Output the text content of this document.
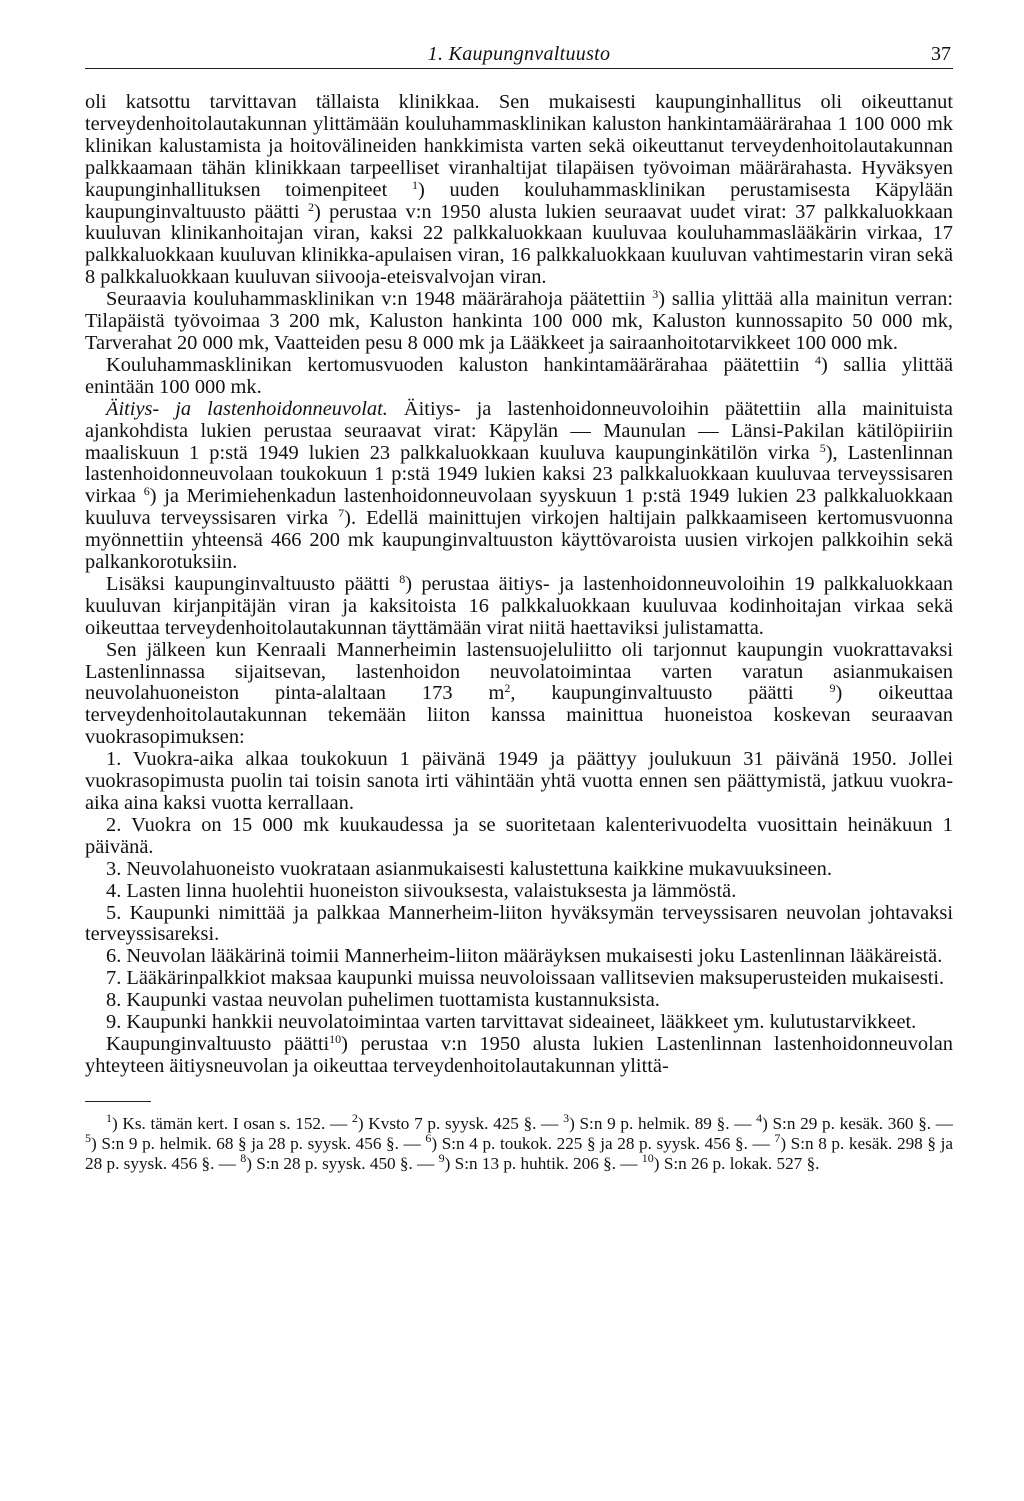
1. Kaupungnvaltuusto	37

oli katsottu tarvittavan tällaista klinikkaa. Sen mukaisesti kaupunginhallitus oli oikeuttanut terveydenhoitolautakunnan ylittämään kouluhammasklinikan kaluston hankintamäärärahaa 1 100 000 mk klinikan kalustamista ja hoitovälineiden hankkimista varten sekä oikeuttanut terveydenhoitolautakunnan palkkaamaan tähän klinikkaan tarpeelliset viranhaltijat tilapäisen työvoiman määrärahasta. Hyväksyen kaupunginhallituksen toimenpiteet $^1$) uuden kouluhammasklinikan perustamisesta Käpylään kaupunginvaltuusto päätti $^2$) perustaa v:n 1950 alusta lukien seuraavat uudet virat: 37 palkkaluokkaan kuuluvan klinikanhoitajan viran, kaksi 22 palkkaluokkaan kuuluvaa kouluhammaslääkärin virkaa, 17 palkkaluokkaan kuuluvan klinikka-apulaisen viran, 16 palkkaluokkaan kuuluvan vahtimestarin viran sekä 8 palkkaluokkaan kuuluvan siivooja-eteisvalvojan viran.

Seuraavia kouluhammasklinikan v:n 1948 määrärahoja päätettiin $^3$) sallia ylittää alla mainitun verran: Tilapäistä työvoimaa 3 200 mk, Kaluston hankinta 100 000 mk, Kaluston kunnossapito 50 000 mk, Tarverahat 20 000 mk, Vaatteiden pesu 8 000 mk ja Lääkkeet ja sairaanhoitotarvikkeet 100 000 mk.

Kouluhammasklinikan kertomusvuoden kaluston hankintamäärärahaa päätettiin $^4$) sallia ylittää enintään 100 000 mk.

Äitiys- ja lastenhoidonneuvolat. Äitiys- ja lastenhoidonneuvoloihin päätettiin alla mainituista ajankohdista lukien perustaa seuraavat virat: Käpylän — Maunulan — Länsi-Pakilan kätilöpiiriin maaliskuun 1 p:stä 1949 lukien 23 palkkaluokkaan kuuluva kaupunginkätilön virka $^5$), Lastenlinnan lastenhoidonneuvolaan toukokuun 1 p:stä 1949 lukien kaksi 23 palkkaluokkaan kuuluvaa terveyssisaren virkaa $^6$) ja Merimiehenkadun lastenhoidonneuvolaan syyskuun 1 p:stä 1949 lukien 23 palkkaluokkaan kuuluva terveyssisaren virka $^7$). Edellä mainittujen virkojen haltijain palkkaamiseen kertomusvuonna myönnettiin yhteensä 466 200 mk kaupunginvaltuuston käyttövaroista uusien virkojen palkkoihin sekä palkankorotuksiin.

Lisäksi kaupunginvaltuusto päätti $^8$) perustaa äitiys- ja lastenhoidonneuvoloihin 19 palkkaluokkaan kuuluvan kirjanpitäjän viran ja kaksitoista 16 palkkaluokkaan kuuluvaa kodinhoitajan virkaa sekä oikeuttaa terveydenhoitolautakunnan täyttämään virat niitä haettaviksi julistamatta.

Sen jälkeen kun Kenraali Mannerheimin lastensuojeluliitto oli tarjonnut kaupungin vuokrattavaksi Lastenlinnassa sijaitsevan, lastenhoidon neuvolatoimintaa varten varatun asianmukaisen neuvolahuoneiston pinta-alaltaan 173 $m^2$, kaupunginvaltuusto päätti $^9$) oikeuttaa terveydenhoitolautakunnan tekemään liiton kanssa mainittua huoneistoa koskevan seuraavan vuokrasopimuksen:

1. Vuokra-aika alkaa toukokuun 1 päivänä 1949 ja päättyy joulukuun 31 päivänä 1950. Jollei vuokrasopimusta puolin tai toisin sanota irti vähintään yhtä vuotta ennen sen päättymistä, jatkuu vuokra-aika aina kaksi vuotta kerrallaan.

2. Vuokra on 15 000 mk kuukaudessa ja se suoritetaan kalenterivuodelta vuosittain heinäkuun 1 päivänä.

3. Neuvolahuoneisto vuokrataan asianmukaisesti kalustettuna kaikkine mukavuuksineen.

4. Lasten linna huolehtii huoneiston siivouksesta, valaistuksesta ja lämmöstä.

5. Kaupunki nimittää ja palkkaa Mannerheim-liiton hyväksymän terveyssisaren neuvolan johtavaksi terveyssisareksi.

6. Neuvolan lääkärinä toimii Mannerheim-liiton määräyksen mukaisesti joku Lastenlinnan lääkäreistä.

7. Lääkärinpalkkiot maksaa kaupunki muissa neuvoloissaan vallitsevien maksuperusteiden mukaisesti.

8. Kaupunki vastaa neuvolan puhelimen tuottamista kustannuksista.

9. Kaupunki hankkii neuvolatoimintaa varten tarvittavat sideaineet, lääkkeet ym. kulutustarvikkeet.

Kaupunginvaltuusto päätti$^{10}$) perustaa v:n 1950 alusta lukien Lastenlinnan lastenhoidonneuvolan yhteyteen äitiysneuvolan ja oikeuttaa terveydenhoitolautakunnan ylittä-

$^1$) Ks. tämän kert. I osan s. 152. — $^2$) Kvsto 7 p. syysk. 425 §. — $^3$) S:n 9 p. helmik. 89 §. — $^4$) S:n 29 p. kesäk. 360 §. — $^5$) S:n 9 p. helmik. 68 § ja 28 p. syysk. 456 §. — $^6$) S:n 4 p. toukok. 225 § ja 28 p. syysk. 456 §. — $^7$) S:n 8 p. kesäk. 298 § ja 28 p. syysk. 456 §. — $^8$) S:n 28 p. syysk. 450 §. — $^9$) S:n 13 p. huhtik. 206 §. — $^{10}$) S:n 26 p. lokak. 527 §.
